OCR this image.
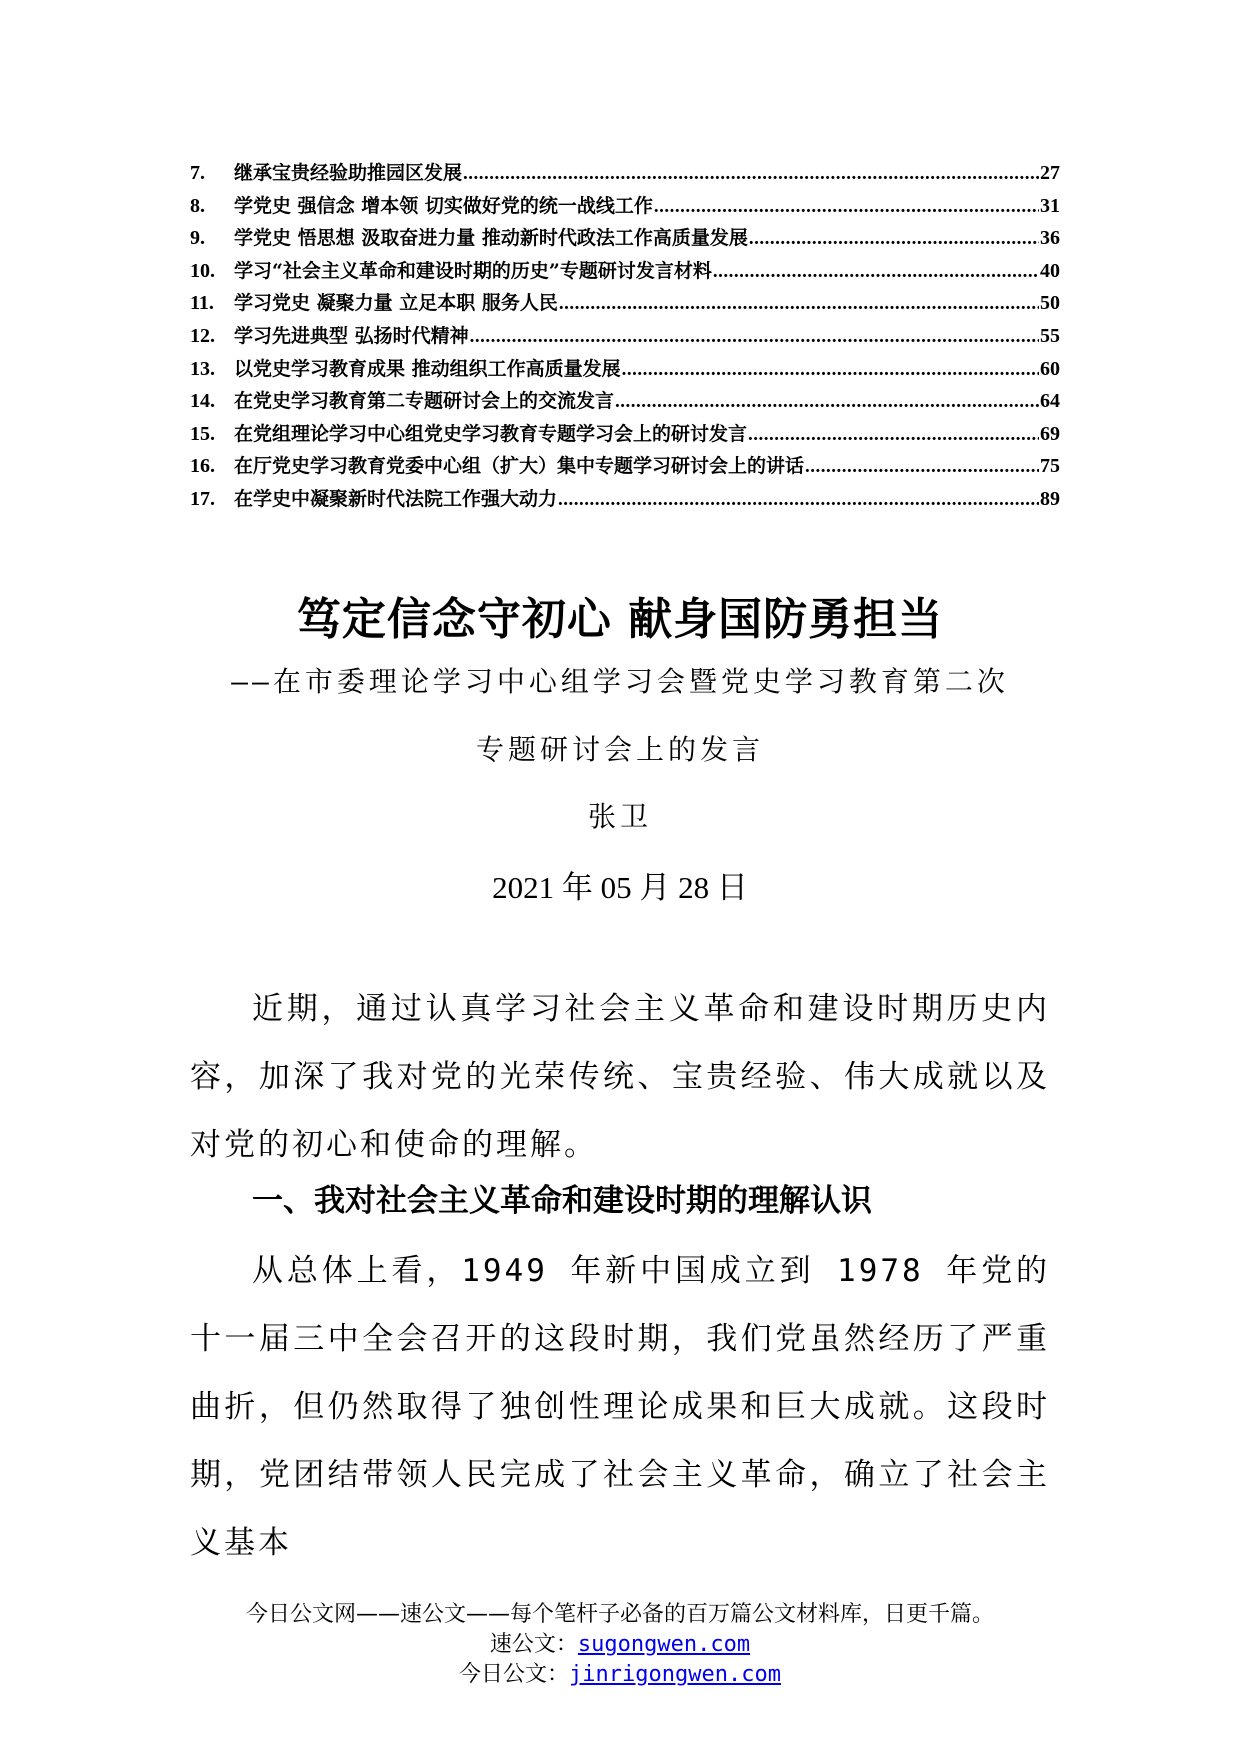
7.	继承宝贵经验助推园区发展 .....	27
8.	学党史 强信念 增本领 切实做好党的统一战线工作 .....	31
9.	学党史 悟思想 汲取奋进力量 推动新时代政法工作高质量发展 .....	36
10.	学习“社会主义革命和建设时期的历史”专题研讨发言材料 .....	40
11.	学习党史 凝聚力量 立足本职 服务人民 .....	50
12.	学习先进典型 弘扬时代精神 .....	55
13.	以党史学习教育成果 推动组织工作高质量发展 .....	60
14.	在党史学习教育第二专题研讨会上的交流发言 .....	64
15.	在党组理论学习中心组党史学习教育专题学习会上的研讨发言 .....	69
16.	在厅党史学习教育党委中心组（扩大）集中专题学习研讨会上的讲话 .....	75
17.	在学史中凝聚新时代法院工作强大动力 .....	89
笃定信念守初心 献身国防勇担当
——在市委理论学习中心组学习会暨党史学习教育第二次
专题研讨会上的发言
张卫
2021 年 05 月 28 日
近期，通过认真学习社会主义革命和建设时期历史内容，加深了我对党的光荣传统、宝贵经验、伟大成就以及对党的初心和使命的理解。
一、我对社会主义革命和建设时期的理解认识
从总体上看，1949 年新中国成立到 1978 年党的十一届三中全会召开的这段时期，我们党虽然经历了严重曲折，但仍然取得了独创性理论成果和巨大成就。这段时期，党团结带领人民完成了社会主义革命，确立了社会主义基本
今日公文网——速公文——每个笔杆子必备的百万篇公文材料库，日更千篇。
速公文：sugongwen.com
今日公文：jinrigongwen.com
